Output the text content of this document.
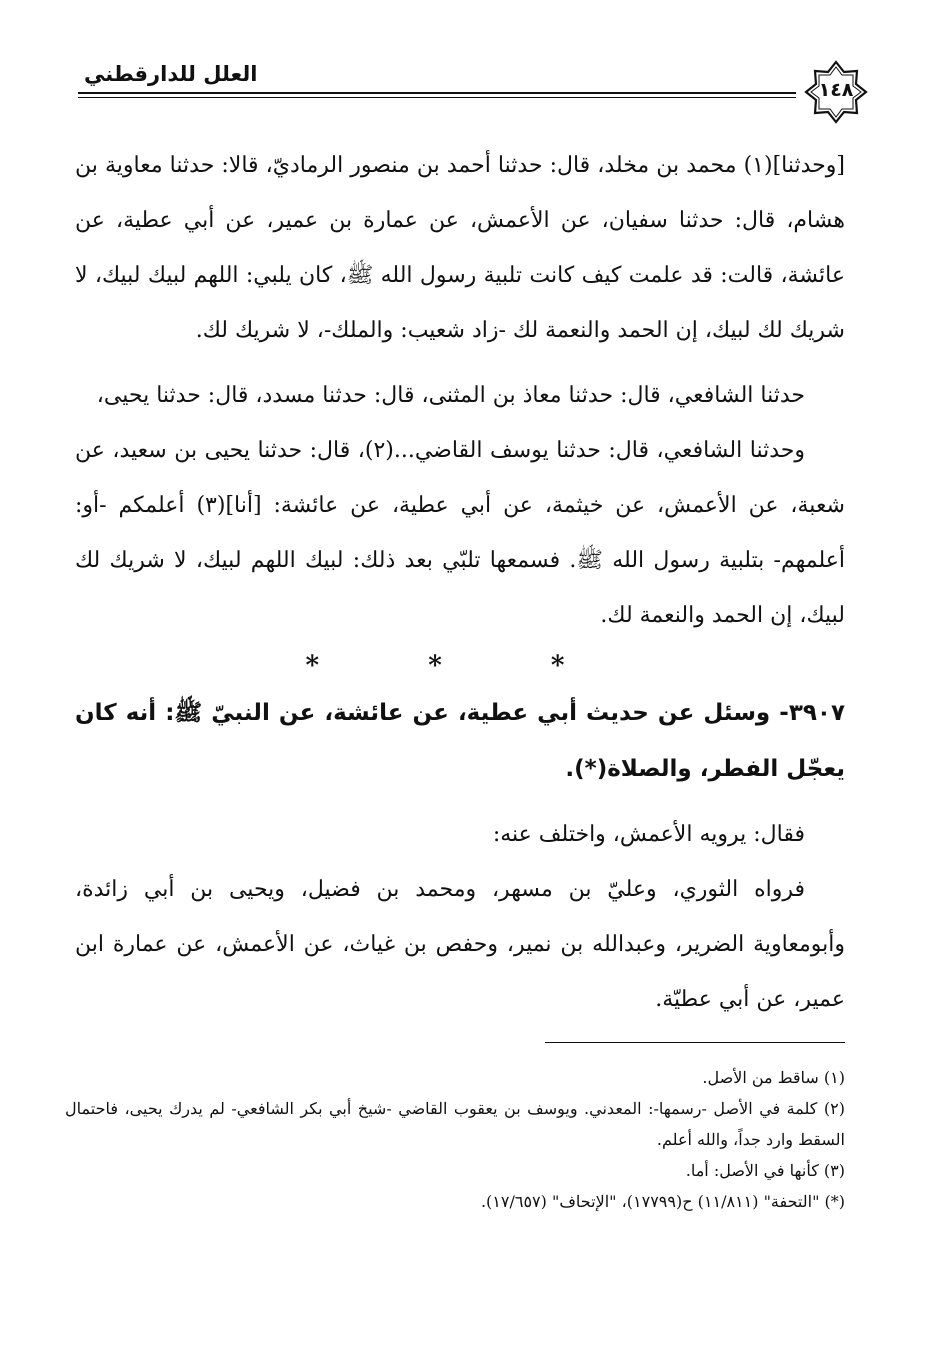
العلل للدارقطني
١٤٨

[وحدثنا](١) محمد بن مخلد، قال: حدثنا أحمد بن منصور الرماديّ، قالا: حدثنا معاوية بن هشام، قال: حدثنا سفيان، عن الأعمش، عن عمارة بن عمير، عن أبي عطية، عن عائشة، قالت: قد علمت كيف كانت تلبية رسول الله ﷺ، كان يلبي: اللهم لبيك لبيك، لا شريك لك لبيك، إن الحمد والنعمة لك -زاد شعيب: والملك-، لا شريك لك.

حدثنا الشافعي، قال: حدثنا معاذ بن المثنى، قال: حدثنا مسدد، قال: حدثنا يحيى،

وحدثنا الشافعي، قال: حدثنا يوسف القاضي...(٢)، قال: حدثنا يحيى بن سعيد، عن شعبة، عن الأعمش، عن خيثمة، عن أبي عطية، عن عائشة: [أنا](٣) أعلمكم -أو: أعلمهم- بتلبية رسول الله ﷺ. فسمعها تلبّي بعد ذلك: لبيك اللهم لبيك، لا شريك لك لبيك، إن الحمد والنعمة لك.

* * *

٣٩٠٧- وسئل عن حديث أبي عطية، عن عائشة، عن النبيّ ﷺ: أنه كان يعجّل الفطر، والصلاة(*).

فقال: يرويه الأعمش، واختلف عنه:

فرواه الثوري، وعليّ بن مسهر، ومحمد بن فضيل، ويحيى بن أبي زائدة، وأبومعاوية الضرير، وعبدالله بن نمير، وحفص بن غياث، عن الأعمش، عن عمارة ابن عمير، عن أبي عطيّة.

(١) ساقط من الأصل.

(٢) كلمة في الأصل -رسمها-: المعدني. ويوسف بن يعقوب القاضي -شيخ أبي بكر الشافعي- لم يدرك يحيى، فاحتمال السقط وارد جداً، والله أعلم.

(٣) كأنها في الأصل: أما.

(*) "التحفة" (١١/٨١١) ح(١٧٧٩٩)، "الإتحاف" (١٧/٦٥٧).
